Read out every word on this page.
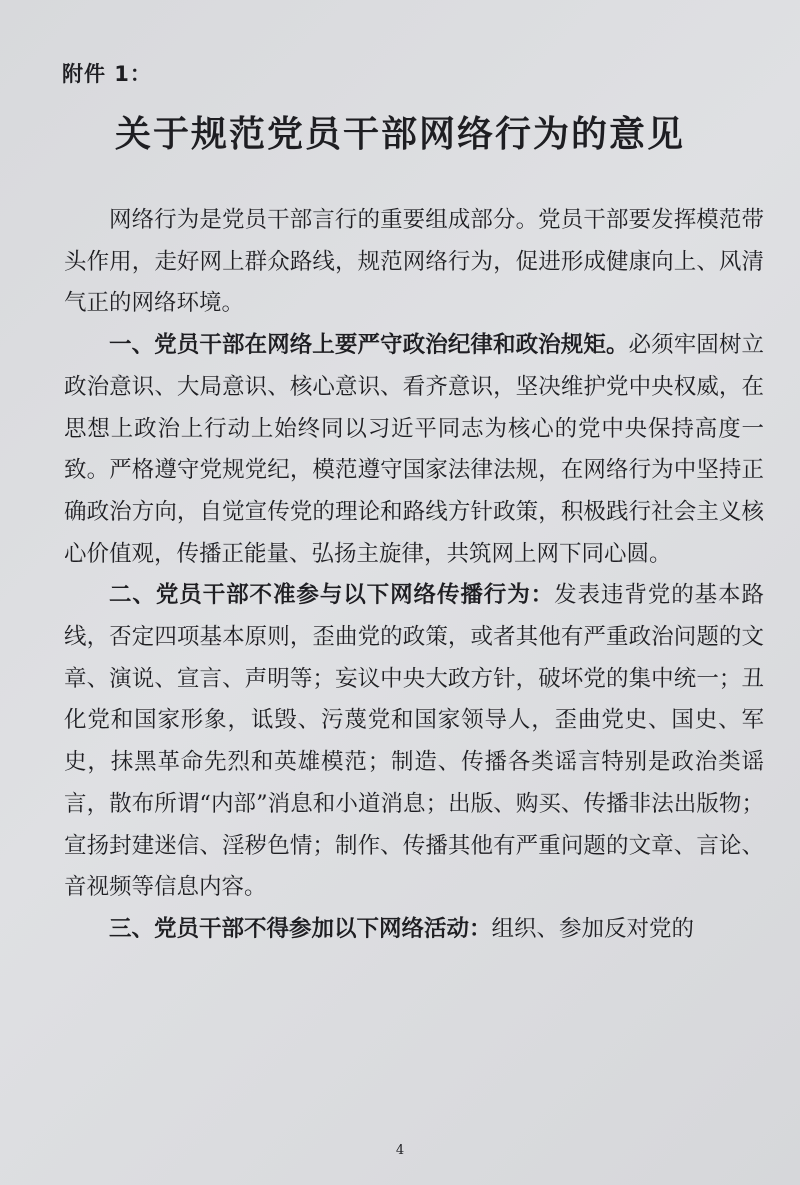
附件 1：
关于规范党员干部网络行为的意见

网络行为是党员干部言行的重要组成部分。党员干部要发挥模范带头作用，走好网上群众路线，规范网络行为，促进形成健康向上、风清气正的网络环境。

一、党员干部在网络上要严守政治纪律和政治规矩。必须牢固树立政治意识、大局意识、核心意识、看齐意识，坚决维护党中央权威，在思想上政治上行动上始终同以习近平同志为核心的党中央保持高度一致。严格遵守党规党纪，模范遵守国家法律法规，在网络行为中坚持正确政治方向，自觉宣传党的理论和路线方针政策，积极践行社会主义核心价值观，传播正能量、弘扬主旋律，共筑网上网下同心圆。

二、党员干部不准参与以下网络传播行为：发表违背党的基本路线，否定四项基本原则，歪曲党的政策，或者其他有严重政治问题的文章、演说、宣言、声明等；妄议中央大政方针，破坏党的集中统一；丑化党和国家形象，诋毁、污蔑党和国家领导人，歪曲党史、国史、军史，抹黑革命先烈和英雄模范；制造、传播各类谣言特别是政治类谣言，散布所谓“内部”消息和小道消息；出版、购买、传播非法出版物；宣扬封建迷信、淫秽色情；制作、传播其他有严重问题的文章、言论、音视频等信息内容。

三、党员干部不得参加以下网络活动：组织、参加反对党的

4
